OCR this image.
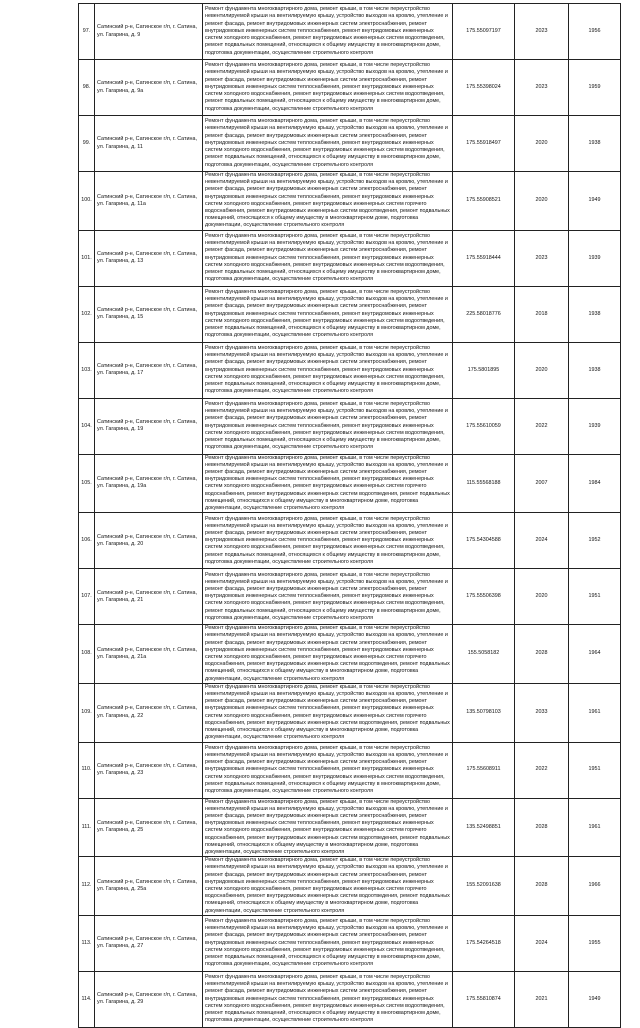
97.	Сатинский р-н, Сатинское г/п, г. Сатина, ул. Гагарина, д. 9	Ремонт фундамента многоквартирного дома, ремонт крыши, в том числе переустройство невентилируемой крыши на вентилируемую крышу, устройство выходов на кровлю, утепление и ремонт фасада, ремонт внутридомовых инженерных систем электроснабжения, ремонт внутридомовых инженерных систем теплоснабжения, ремонт внутридомовых инженерных систем холодного водоснабжения, ремонт внутридомовых инженерных систем водоотведения, ремонт подвальных помещений, относящихся к общему имуществу в многоквартирном доме, подготовка документации, осуществление строительного контроля	175.55097197	2023	1956
98.	Сатинский р-н, Сатинское г/п, г. Сатина, ул. Гагарина, д. 9а	Ремонт фундамента многоквартирного дома, ремонт крыши, в том числе переустройство невентилируемой крыши на вентилируемую крышу, устройство выходов на кровлю, утепление и ремонт фасада, ремонт внутридомовых инженерных систем электроснабжения, ремонт внутридомовых инженерных систем теплоснабжения, ремонт внутридомовых инженерных систем холодного водоснабжения, ремонт внутридомовых инженерных систем водоотведения, ремонт подвальных помещений, относящихся к общему имуществу в многоквартирном доме, подготовка документации, осуществление строительного контроля	175.55398024	2023	1959
99.	Сатинский р-н, Сатинское г/п, г. Сатина, ул. Гагарина, д. 11	Ремонт фундамента многоквартирного дома, ремонт крыши, в том числе переустройство невентилируемой крыши на вентилируемую крышу, устройство выходов на кровлю, утепление и ремонт фасада, ремонт внутридомовых инженерных систем электроснабжения, ремонт внутридомовых инженерных систем теплоснабжения, ремонт внутридомовых инженерных систем холодного водоснабжения, ремонт внутридомовых инженерных систем водоотведения, ремонт подвальных помещений, относящихся к общему имуществу в многоквартирном доме, подготовка документации, осуществление строительного контроля	175.55918497	2020	1938
100.	Сатинский р-н, Сатинское г/п, г. Сатина, ул. Гагарина, д. 11а	Ремонт фундамента многоквартирного дома, ремонт крыши, в том числе переустройство невентилируемой крыши на вентилируемую крышу, устройство выходов на кровлю, утепление и ремонт фасада, ремонт внутридомовых инженерных систем электроснабжения, ремонт внутридомовых инженерных систем теплоснабжения, ремонт внутридомовых инженерных систем холодного водоснабжения, ремонт внутридомовых инженерных систем горячего водоснабжения, ремонт внутридомовых инженерных систем водоотведения, ремонт подвальных помещений, относящихся к общему имуществу в многоквартирном доме, подготовка документации, осуществление строительного контроля	175.55908521	2020	1949
101.	Сатинский р-н, Сатинское г/п, г. Сатина, ул. Гагарина, д. 13	Ремонт фундамента многоквартирного дома, ремонт крыши, в том числе переустройство невентилируемой крыши на вентилируемую крышу, устройство выходов на кровлю, утепление и ремонт фасада, ремонт внутридомовых инженерных систем электроснабжения, ремонт внутридомовых инженерных систем теплоснабжения, ремонт внутридомовых инженерных систем холодного водоснабжения, ремонт внутридомовых инженерных систем водоотведения, ремонт подвальных помещений, относящихся к общему имуществу в многоквартирном доме, подготовка документации, осуществление строительного контроля	175.55918444	2023	1939
102.	Сатинский р-н, Сатинское г/п, г. Сатина, ул. Гагарина, д. 15	Ремонт фундамента многоквартирного дома, ремонт крыши, в том числе переустройство невентилируемой крыши на вентилируемую крышу, устройство выходов на кровлю, утепление и ремонт фасада, ремонт внутридомовых инженерных систем электроснабжения, ремонт внутридомовых инженерных систем теплоснабжения, ремонт внутридомовых инженерных систем холодного водоснабжения, ремонт внутридомовых инженерных систем водоотведения, ремонт подвальных помещений, относящихся к общему имуществу в многоквартирном доме, подготовка документации, осуществление строительного контроля	225.58018776	2018	1938
103.	Сатинский р-н, Сатинское г/п, г. Сатина, ул. Гагарина, д. 17	Ремонт фундамента многоквартирного дома, ремонт крыши, в том числе переустройство невентилируемой крыши на вентилируемую крышу, устройство выходов на кровлю, утепление и ремонт фасада, ремонт внутридомовых инженерных систем электроснабжения, ремонт внутридомовых инженерных систем теплоснабжения, ремонт внутридомовых инженерных систем холодного водоснабжения, ремонт внутридомовых инженерных систем водоотведения, ремонт подвальных помещений, относящихся к общему имуществу в многоквартирном доме, подготовка документации, осуществление строительного контроля	175.5801895	2020	1938
104.	Сатинский р-н, Сатинское г/п, г. Сатина, ул. Гагарина, д. 19	Ремонт фундамента многоквартирного дома, ремонт крыши, в том числе переустройство невентилируемой крыши на вентилируемую крышу, устройство выходов на кровлю, утепление и ремонт фасада, ремонт внутридомовых инженерных систем электроснабжения, ремонт внутридомовых инженерных систем теплоснабжения, ремонт внутридомовых инженерных систем холодного водоснабжения, ремонт внутридомовых инженерных систем водоотведения, ремонт подвальных помещений, относящихся к общему имуществу в многоквартирном доме, подготовка документации, осуществление строительного контроля	175.55610059	2022	1939
105.	Сатинский р-н, Сатинское г/п, г. Сатина, ул. Гагарина, д. 19а	Ремонт фундамента многоквартирного дома, ремонт крыши, в том числе переустройство невентилируемой крыши на вентилируемую крышу, устройство выходов на кровлю, утепление и ремонт фасада, ремонт внутридомовых инженерных систем электроснабжения, ремонт внутридомовых инженерных систем теплоснабжения, ремонт внутридомовых инженерных систем холодного водоснабжения, ремонт внутридомовых инженерных систем горячего водоснабжения, ремонт внутридомовых инженерных систем водоотведения, ремонт подвальных помещений, относящихся к общему имуществу в многоквартирном доме, подготовка документации, осуществление строительного контроля	115.55568188	2007	1984
106.	Сатинский р-н, Сатинское г/п, г. Сатина, ул. Гагарина, д. 20	Ремонт фундамента многоквартирного дома, ремонт крыши, в том числе переустройство невентилируемой крыши на вентилируемую крышу, устройство выходов на кровлю, утепление и ремонт фасада, ремонт внутридомовых инженерных систем электроснабжения, ремонт внутридомовых инженерных систем теплоснабжения, ремонт внутридомовых инженерных систем холодного водоснабжения, ремонт внутридомовых инженерных систем водоотведения, ремонт подвальных помещений, относящихся к общему имуществу в многоквартирном доме, подготовка документации, осуществление строительного контроля	175.54304588	2024	1952
107.	Сатинский р-н, Сатинское г/п, г. Сатина, ул. Гагарина, д. 21	Ремонт фундамента многоквартирного дома, ремонт крыши, в том числе переустройство невентилируемой крыши на вентилируемую крышу, устройство выходов на кровлю, утепление и ремонт фасада, ремонт внутридомовых инженерных систем электроснабжения, ремонт внутридомовых инженерных систем теплоснабжения, ремонт внутридомовых инженерных систем холодного водоснабжения, ремонт внутридомовых инженерных систем водоотведения, ремонт подвальных помещений, относящихся к общему имуществу в многоквартирном доме, подготовка документации, осуществление строительного контроля	175.55506398	2020	1951
108.	Сатинский р-н, Сатинское г/п, г. Сатина, ул. Гагарина, д. 21а	Ремонт фундамента многоквартирного дома, ремонт крыши, в том числе переустройство невентилируемой крыши на вентилируемую крышу, устройство выходов на кровлю, утепление и ремонт фасада, ремонт внутридомовых инженерных систем электроснабжения, ремонт внутридомовых инженерных систем теплоснабжения, ремонт внутридомовых инженерных систем холодного водоснабжения, ремонт внутридомовых инженерных систем горячего водоснабжения, ремонт внутридомовых инженерных систем водоотведения, ремонт подвальных помещений, относящихся к общему имуществу в многоквартирном доме, подготовка документации, осуществление строительного контроля	155.5058182	2028	1964
109.	Сатинский р-н, Сатинское г/п, г. Сатина, ул. Гагарина, д. 22	Ремонт фундамента многоквартирного дома, ремонт крыши, в том числе переустройство невентилируемой крыши на вентилируемую крышу, устройство выходов на кровлю, утепление и ремонт фасада, ремонт внутридомовых инженерных систем электроснабжения, ремонт внутридомовых инженерных систем теплоснабжения, ремонт внутридомовых инженерных систем холодного водоснабжения, ремонт внутридомовых инженерных систем горячего водоснабжения, ремонт внутридомовых инженерных систем водоотведения, ремонт подвальных помещений, относящихся к общему имуществу в многоквартирном доме, подготовка документации, осуществление строительного контроля	135.50798103	2033	1961
110.	Сатинский р-н, Сатинское г/п, г. Сатина, ул. Гагарина, д. 23	Ремонт фундамента многоквартирного дома, ремонт крыши, в том числе переустройство невентилируемой крыши на вентилируемую крышу, устройство выходов на кровлю, утепление и ремонт фасада, ремонт внутридомовых инженерных систем электроснабжения, ремонт внутридомовых инженерных систем теплоснабжения, ремонт внутридомовых инженерных систем холодного водоснабжения, ремонт внутридомовых инженерных систем водоотведения, ремонт подвальных помещений, относящихся к общему имуществу в многоквартирном доме, подготовка документации, осуществление строительного контроля	175.55608911	2022	1951
111.	Сатинский р-н, Сатинское г/п, г. Сатина, ул. Гагарина, д. 25	Ремонт фундамента многоквартирного дома, ремонт крыши, в том числе переустройство невентилируемой крыши на вентилируемую крышу, устройство выходов на кровлю, утепление и ремонт фасада, ремонт внутридомовых инженерных систем электроснабжения, ремонт внутридомовых инженерных систем теплоснабжения, ремонт внутридомовых инженерных систем холодного водоснабжения, ремонт внутридомовых инженерных систем горячего водоснабжения, ремонт внутридомовых инженерных систем водоотведения, ремонт подвальных помещений, относящихся к общему имуществу в многоквартирном доме, подготовка документации, осуществление строительного контроля	135.52498851	2028	1961
112.	Сатинский р-н, Сатинское г/п, г. Сатина, ул. Гагарина, д. 25а	Ремонт фундамента многоквартирного дома, ремонт крыши, в том числе переустройство невентилируемой крыши на вентилируемую крышу, устройство выходов на кровлю, утепление и ремонт фасада, ремонт внутридомовых инженерных систем электроснабжения, ремонт внутридомовых инженерных систем теплоснабжения, ремонт внутридомовых инженерных систем холодного водоснабжения, ремонт внутридомовых инженерных систем горячего водоснабжения, ремонт внутридомовых инженерных систем водоотведения, ремонт подвальных помещений, относящихся к общему имуществу в многоквартирном доме, подготовка документации, осуществление строительного контроля	155.52091638	2028	1966
113.	Сатинский р-н, Сатинское г/п, г. Сатина, ул. Гагарина, д. 27	Ремонт фундамента многоквартирного дома, ремонт крыши, в том числе переустройство невентилируемой крыши на вентилируемую крышу, устройство выходов на кровлю, утепление и ремонт фасада, ремонт внутридомовых инженерных систем электроснабжения, ремонт внутридомовых инженерных систем теплоснабжения, ремонт внутридомовых инженерных систем холодного водоснабжения, ремонт внутридомовых инженерных систем водоотведения, ремонт подвальных помещений, относящихся к общему имуществу в многоквартирном доме, подготовка документации, осуществление строительного контроля	175.54264518	2024	1955
114.	Сатинский р-н, Сатинское г/п, г. Сатина, ул. Гагарина, д. 29	Ремонт фундамента многоквартирного дома, ремонт крыши, в том числе переустройство невентилируемой крыши на вентилируемую крышу, устройство выходов на кровлю, утепление и ремонт фасада, ремонт внутридомовых инженерных систем электроснабжения, ремонт внутридомовых инженерных систем теплоснабжения, ремонт внутридомовых инженерных систем холодного водоснабжения, ремонт внутридомовых инженерных систем водоотведения, ремонт подвальных помещений, относящихся к общему имуществу в многоквартирном доме, подготовка документации, осуществление строительного контроля	175.55810874	2021	1949
